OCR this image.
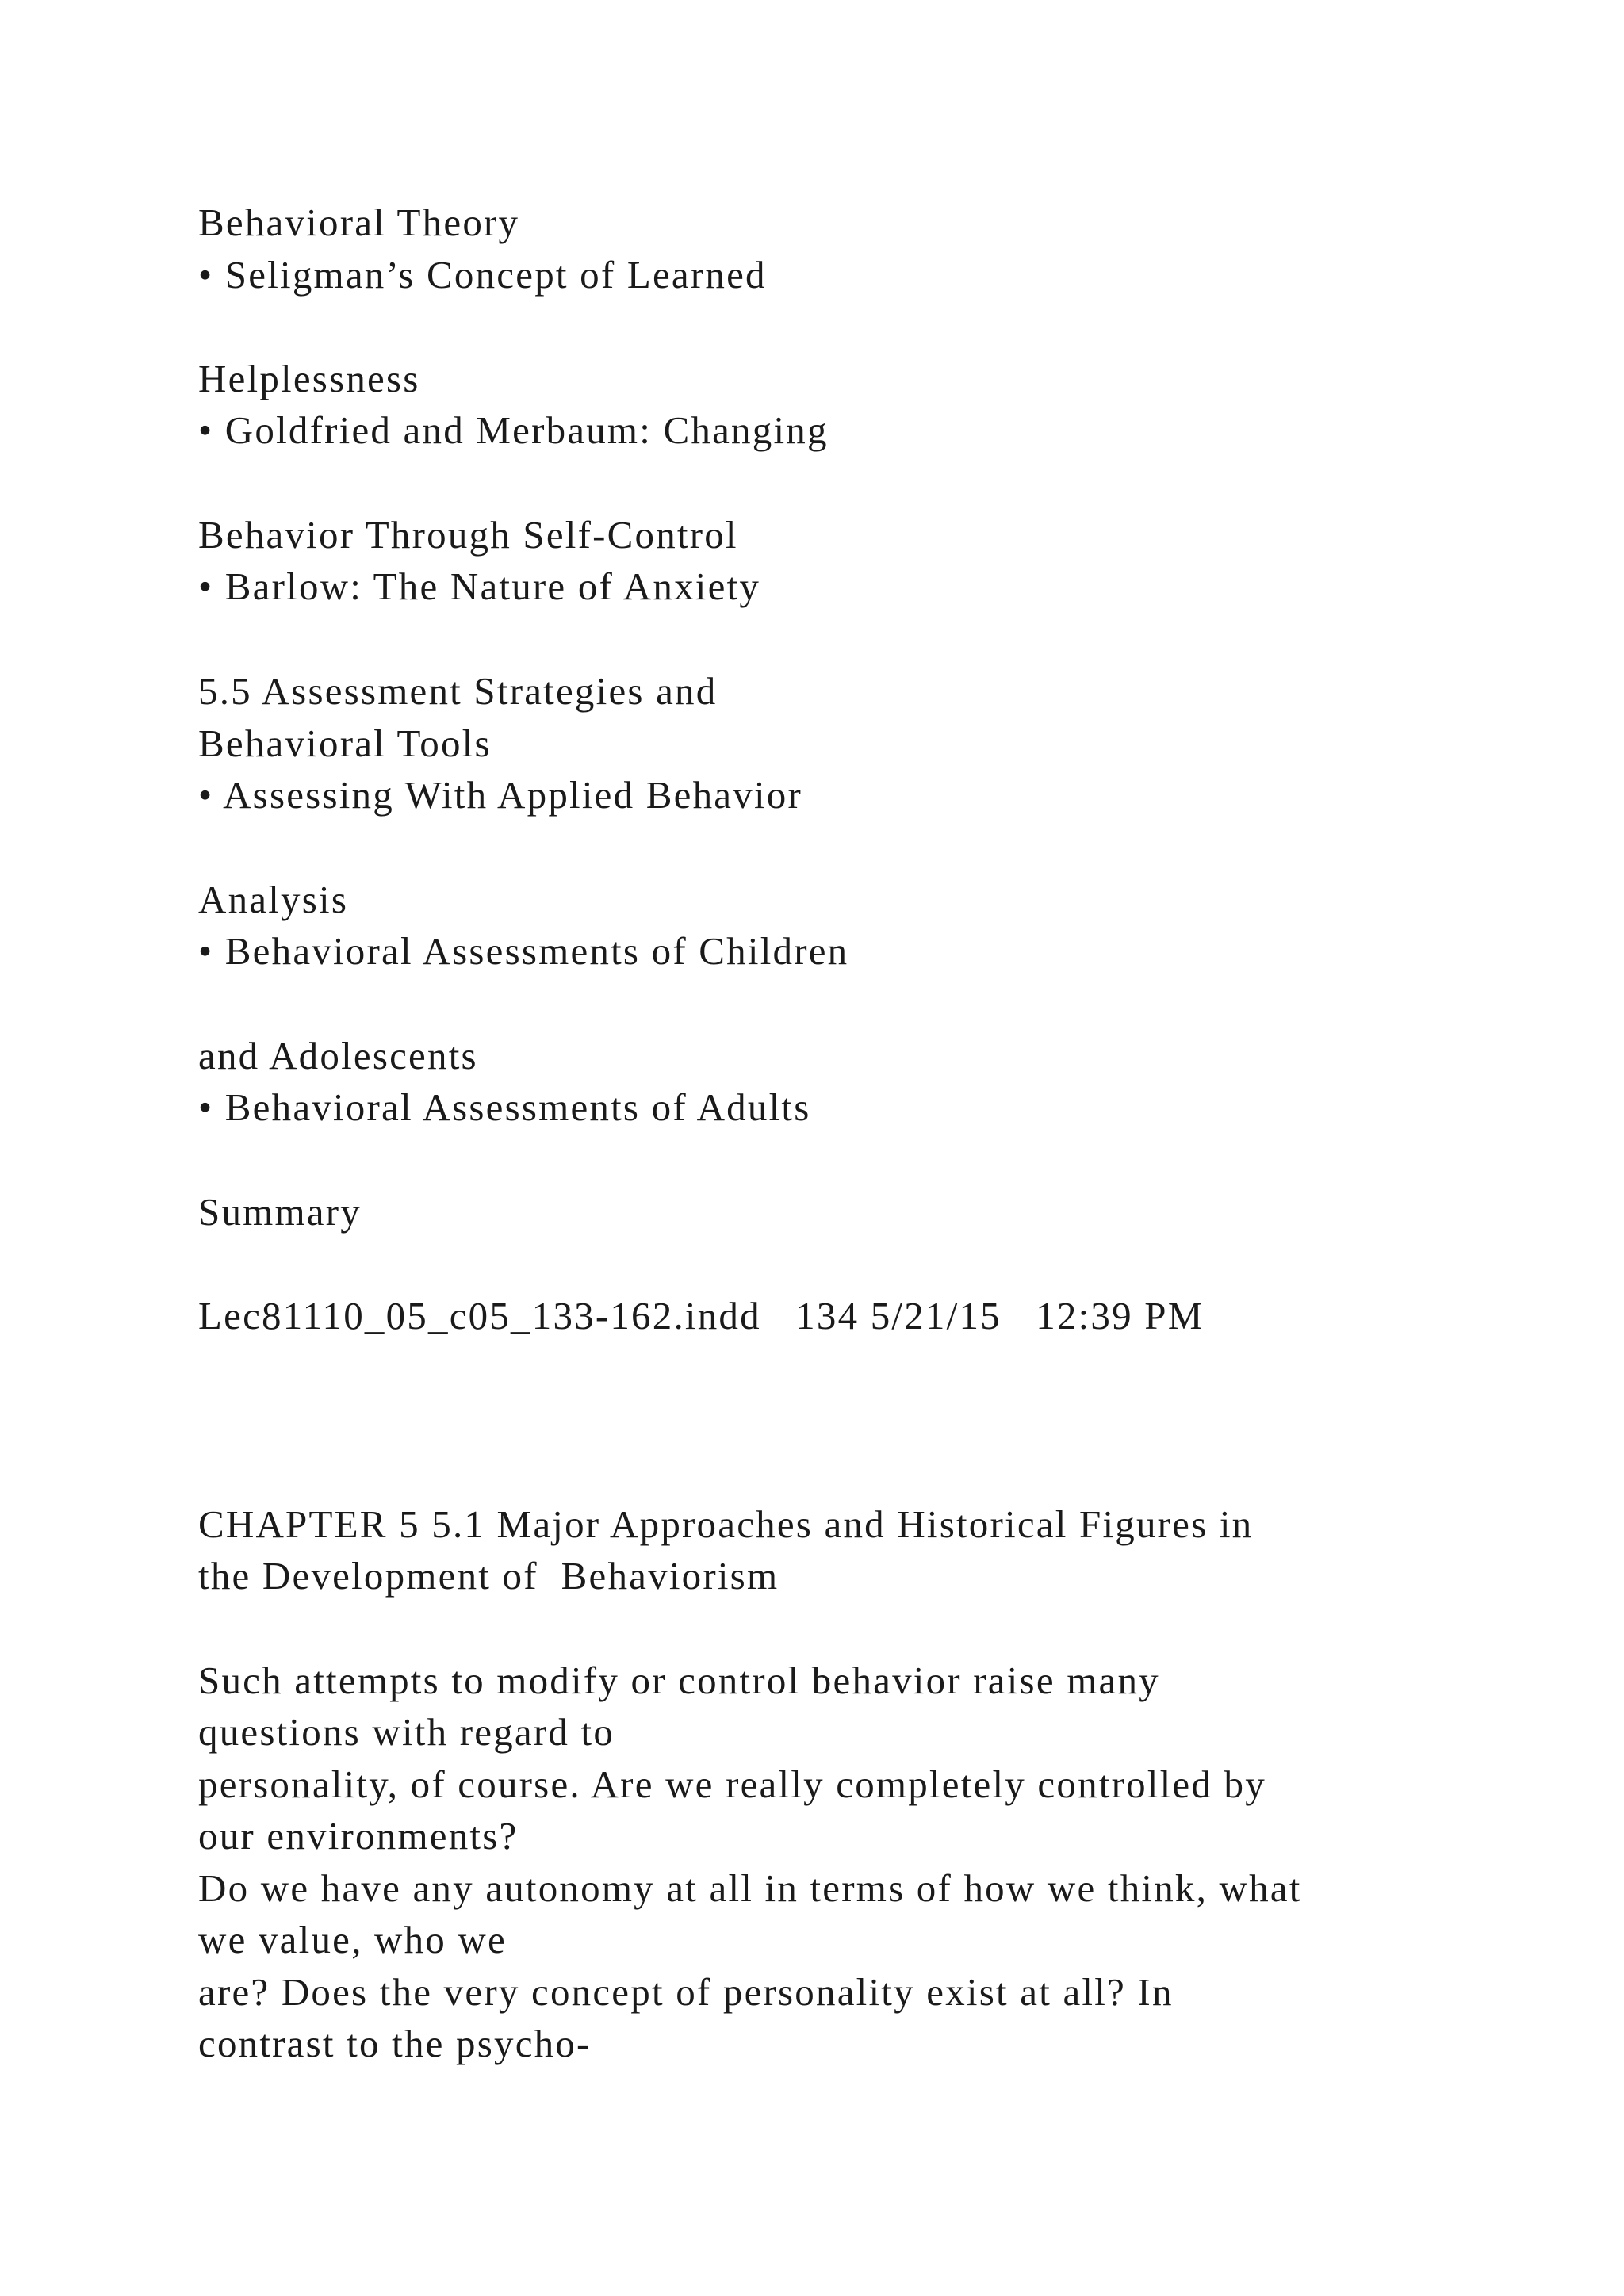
Behavioral Theory
• Seligman’s Concept of Learned
Helplessness
• Goldfried and Merbaum: Changing
Behavior Through Self-Control
• Barlow: The Nature of Anxiety
5.5 Assessment Strategies and
Behavioral Tools
• Assessing With Applied Behavior
Analysis
• Behavioral Assessments of Children
and Adolescents
• Behavioral Assessments of Adults
Summary
Lec81110_05_c05_133-162.indd   134 5/21/15   12:39 PM
CHAPTER 5 5.1 Major Approaches and Historical Figures in
the Development of  Behaviorism
Such attempts to modify or control behavior raise many
questions with regard to
personality, of course. Are we really completely controlled by
our environments?
Do we have any autonomy at all in terms of how we think, what
we value, who we
are? Does the very concept of personality exist at all? In
contrast to the psycho-
